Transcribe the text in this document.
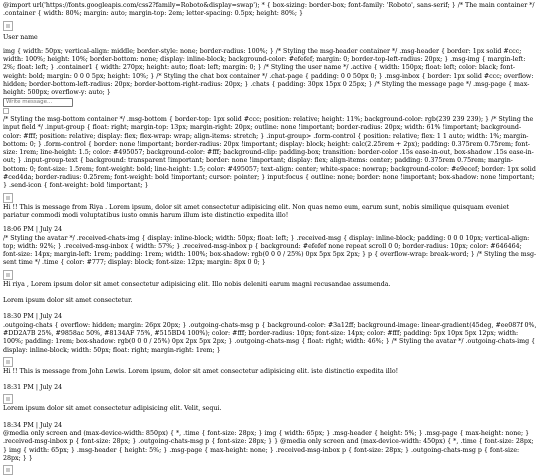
@import url('https://fonts.googleapis.com/css2?family=Roboto&display=swap'); * { box-sizing: border-box; font-family: 'Roboto', sans-serif; } /* The main container */ .container { width: 80%; margin: auto; margin-top: 2em; letter-spacing: 0.5px; height: 80%; }

User name

img { width: 50px; vertical-align: middle; border-style: none; border-radius: 100%; } /* Styling the msg-header container */ .msg-header { border: 1px solid #ccc; width: 100%; height: 10%; border-bottom: none; display: inline-block; background-color: #efefef; margin: 0; border-top-left-radius: 20px; } .msg-img { margin-left: 2%; float: left; } .container1 { width: 270px; height: auto; float: left; margin: 0; } /* Styling the user name */ .active { width: 150px; float: left; color: black; font-weight: bold; margin: 0 0 0 5px; height: 10%; } /* Styling the chat box container */ .chat-page { padding: 0 0 50px 0; } .msg-inbox { border: 1px solid #ccc; overflow: hidden; border-bottom-left-radius: 20px; border-bottom-right-radius: 20px; } .chats { padding: 30px 15px 0 25px; } /* Styling the message page */ .msg-page { max-height: 500px; overflow-y: auto; }

Write message...

/* Styling the msg-bottom container */ .msg-bottom { border-top: 1px solid #ccc; position: relative; height: 11%; background-color: rgb(239 239 239); } /* Styling the input field */ .input-group { float: right; margin-top: 13px; margin-right: 20px; outline: none !important; border-radius: 20px; width: 61% !important; background-color: #fff; position: relative; display: flex; flex-wrap: wrap; align-items: stretch; } .input-group> .form-control { position: relative; flex: 1 1 auto; width: 1%; margin-bottom: 0; } .form-control { border: none !important; border-radius: 20px !important; display: block; height: calc(2.25rem + 2px); padding: 0.375rem 0.75rem; font-size: 1rem; line-height: 1.5; color: #495057; background-color: #fff; background-clip: padding-box; transition: border-color .15s ease-in-out, box-shadow .15s ease-in-out; } .input-group-text { background: transparent !important; border: none !important; display: flex; align-items: center; padding: 0.375rem 0.75rem; margin-bottom: 0; font-size: 1.5rem; font-weight: bold; line-height: 1.5; color: #495057; text-align: center; white-space: nowrap; background-color: #e9ecef; border: 1px solid #ced4da; border-radius: 0.25rem; font-weight: bold !important; cursor: pointer; } input:focus { outline: none; border: none !important; box-shadow: none !important; } .send-icon { font-weight: bold !important; }

Hi !! This is message from Riya . Lorem ipsum, dolor sit amet consectetur adipisicing elit. Non quas nemo eum, earum sunt, nobis similique quisquam eveniet pariatur commodi modi voluptatibus iusto omnis harum illum iste distinctio expedita illo!

18:06 PM | July 24

/* Styling the avatar */ .received-chats-img { display: inline-block; width: 50px; float: left; } .received-msg { display: inline-block; padding: 0 0 0 10px; vertical-align: top; width: 92%; } .received-msg-inbox { width: 57%; } .received-msg-inbox p { background: #efefef none repeat scroll 0 0; border-radius: 10px; color: #646464; font-size: 14px; margin-left: 1rem; padding: 1rem; width: 100%; box-shadow: rgb(0 0 0 / 25%) 0px 5px 5px 2px; } p { overflow-wrap: break-word; } /* Styling the msg-sent time */ .time { color: #777; display: block; font-size: 12px; margin: 8px 0 0; }

Hi riya , Lorem ipsum dolor sit amet consectetur adipisicing elit. Illo nobis deleniti earum magni recusandae assumenda.

Lorem ipsum dolor sit amet consectetur.

18:30 PM | July 24

.outgoing-chats { overflow: hidden; margin: 26px 20px; } .outgoing-chats-msg p { background-color: #3a12ff; background-image: linear-gradient(45deg, #ee087f 0%, #DD2A7B 25%, #9858ac 50%, #8134AF 75%, #515BD4 100%); color: #fff; border-radius: 10px; font-size: 14px; color: #fff; padding: 5px 10px 5px 12px; width: 100%; padding: 1rem; box-shadow: rgb(0 0 0 / 25%) 0px 2px 5px 2px; } .outgoing-chats-msg { float: right; width: 46%; } /* Styling the avatar */ .outgoing-chats-img { display: inline-block; width: 50px; float: right; margin-right: 1rem; }

Hi !! This is message from John Lewis. Lorem ipsum, dolor sit amet consectetur adipisicing elit. iste distinctio expedita illo!

18:31 PM | July 24

Lorem ipsum dolor sit amet consectetur adipisicing elit. Velit, sequi.

18:34 PM | July 24

@media only screen and (max-device-width: 850px) { *, .time { font-size: 28px; } img { width: 65px; } .msg-header { height: 5%; } .msg-page { max-height: none; } .received-msg-inbox p { font-size: 28px; } .outgoing-chats-msg p { font-size: 28px; } } @media only screen and (max-device-width: 450px) { *, .time { font-size: 28px; } img { width: 65px; } .msg-header { height: 5%; } .msg-page { max-height: none; } .received-msg-inbox p { font-size: 28px; } .outgoing-chats-msg p { font-size: 28px; } }
